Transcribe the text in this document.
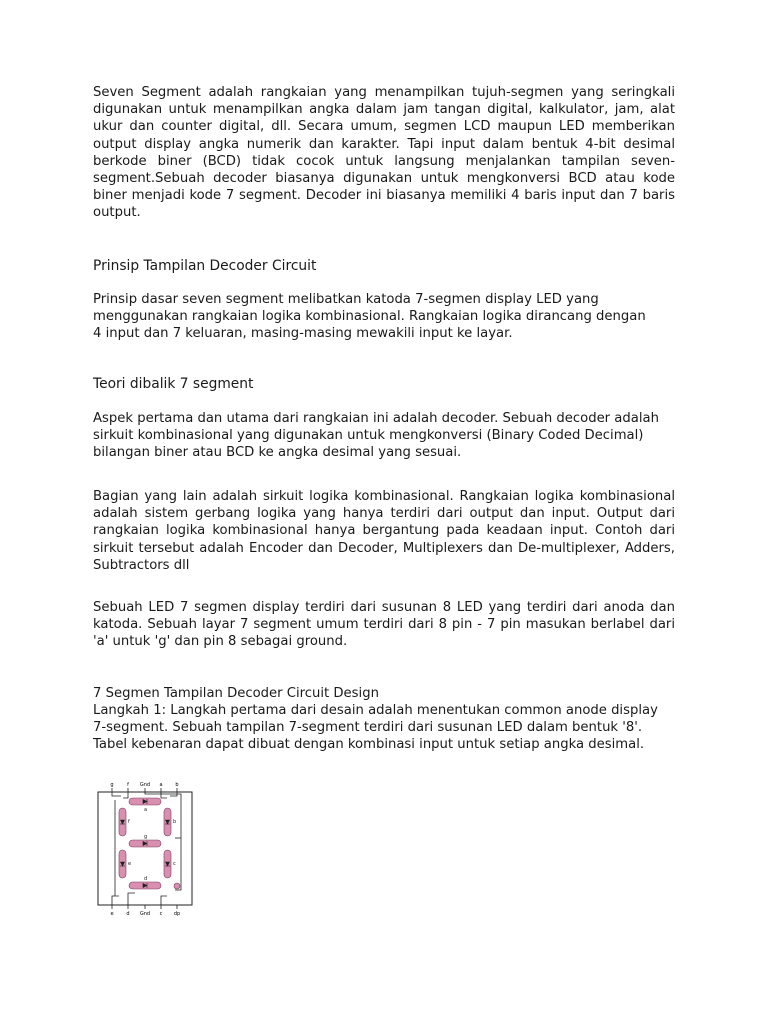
Seven Segment adalah rangkaian yang menampilkan tujuh-segmen yang seringkali digunakan untuk menampilkan angka dalam jam tangan digital, kalkulator, jam, alat ukur dan counter digital, dll. Secara umum, segmen LCD maupun LED memberikan output display angka numerik dan karakter. Tapi input dalam bentuk 4-bit desimal berkode biner (BCD) tidak cocok untuk langsung menjalankan tampilan seven-segment.Sebuah decoder biasanya digunakan untuk mengkonversi BCD atau kode biner menjadi kode 7 segment. Decoder ini biasanya memiliki 4 baris input dan 7 baris output.

Prinsip Tampilan Decoder Circuit

Prinsip dasar seven segment melibatkan katoda 7-segmen display LED yang menggunakan rangkaian logika kombinasional. Rangkaian logika dirancang dengan 4 input dan 7 keluaran, masing-masing mewakili input ke layar.

Teori dibalik 7 segment

Aspek pertama dan utama dari rangkaian ini adalah decoder. Sebuah decoder adalah sirkuit kombinasional yang digunakan untuk mengkonversi (Binary Coded Decimal) bilangan biner atau BCD ke angka desimal yang sesuai.

Bagian yang lain adalah sirkuit logika kombinasional. Rangkaian logika kombinasional adalah sistem gerbang logika yang hanya terdiri dari output dan input. Output dari rangkaian logika kombinasional hanya bergantung pada keadaan input. Contoh dari sirkuit tersebut adalah Encoder dan Decoder, Multiplexers dan De-multiplexer, Adders, Subtractors dll

Sebuah LED 7 segmen display terdiri dari susunan 8 LED yang terdiri dari anoda dan katoda. Sebuah layar 7 segment umum terdiri dari 8 pin - 7 pin masukan berlabel dari 'a' untuk 'g' dan pin 8 sebagai ground.

7 Segmen Tampilan Decoder Circuit Design

Langkah 1: Langkah pertama dari desain adalah menentukan common anode display 7-segment. Sebuah tampilan 7-segment terdiri dari susunan LED dalam bentuk '8'. Tabel kebenaran dapat dibuat dengan kombinasi input untuk setiap angka desimal.

g	f Gnd a	b
a
b
c
d
e
f
g
e	d Gnd c dp
